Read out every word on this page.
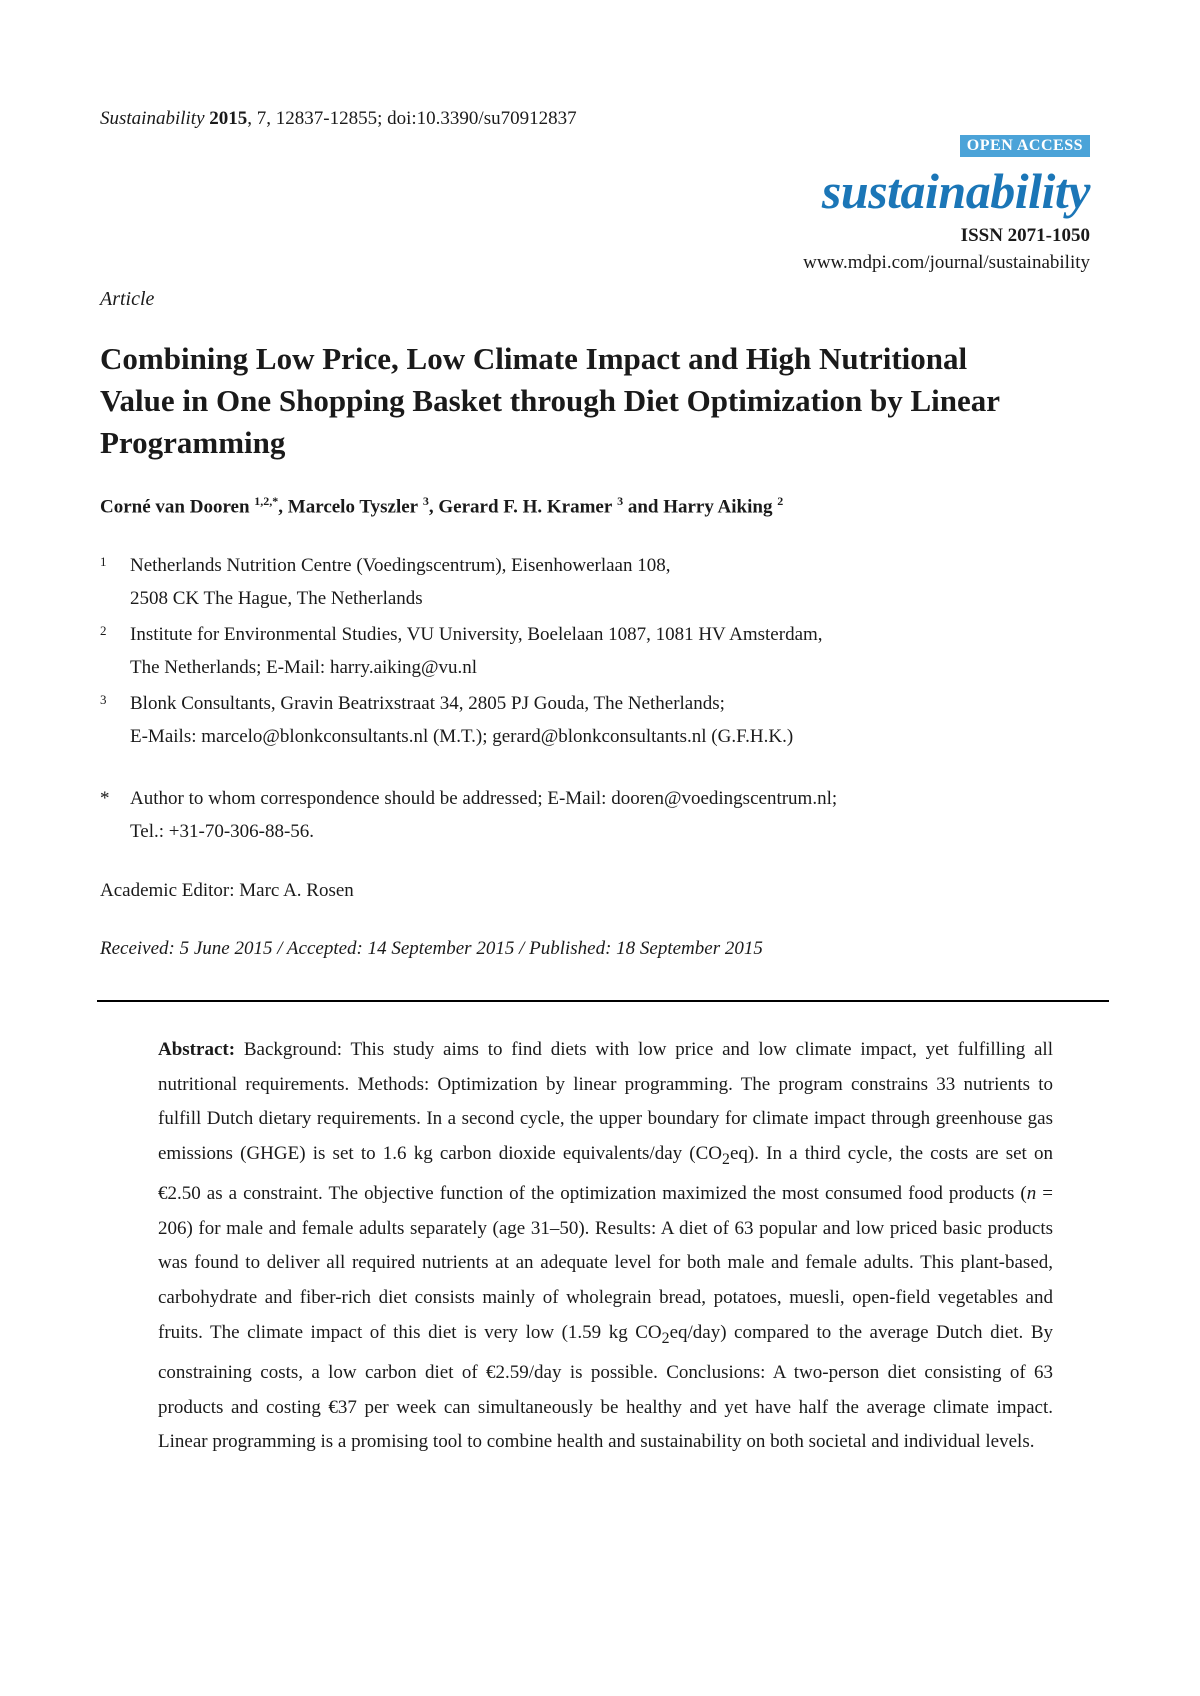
Sustainability 2015, 7, 12837-12855; doi:10.3390/su70912837
OPEN ACCESS
sustainability
ISSN 2071-1050
www.mdpi.com/journal/sustainability
Article
Combining Low Price, Low Climate Impact and High Nutritional Value in One Shopping Basket through Diet Optimization by Linear Programming
Corné van Dooren $^{1,2,*}$, Marcelo Tyszler $^3$, Gerard F. H. Kramer $^3$ and Harry Aiking $^2$
1 Netherlands Nutrition Centre (Voedingscentrum), Eisenhowerlaan 108,
2508 CK The Hague, The Netherlands
2 Institute for Environmental Studies, VU University, Boelelaan 1087, 1081 HV Amsterdam,
The Netherlands; E-Mail: harry.aiking@vu.nl
3 Blonk Consultants, Gravin Beatrixstraat 34, 2805 PJ Gouda, The Netherlands;
E-Mails: marcelo@blonkconsultants.nl (M.T.); gerard@blonkconsultants.nl (G.F.H.K.)
* Author to whom correspondence should be addressed; E-Mail: dooren@voedingscentrum.nl;
Tel.: +31-70-306-88-56.
Academic Editor: Marc A. Rosen
Received: 5 June 2015 / Accepted: 14 September 2015 / Published: 18 September 2015
Abstract: Background: This study aims to find diets with low price and low climate impact, yet fulfilling all nutritional requirements. Methods: Optimization by linear programming. The program constrains 33 nutrients to fulfill Dutch dietary requirements. In a second cycle, the upper boundary for climate impact through greenhouse gas emissions (GHGE) is set to 1.6 kg carbon dioxide equivalents/day $(CO_2eq)$. In a third cycle, the costs are set on €2.50 as a constraint. The objective function of the optimization maximized the most consumed food products (n = 206) for male and female adults separately (age 31–50). Results: A diet of 63 popular and low priced basic products was found to deliver all required nutrients at an adequate level for both male and female adults. This plant-based, carbohydrate and fiber-rich diet consists mainly of wholegrain bread, potatoes, muesli, open-field vegetables and fruits. The climate impact of this diet is very low (1.59 kg $CO_2eq/day$) compared to the average Dutch diet. By constraining costs, a low carbon diet of €2.59/day is possible. Conclusions: A two-person diet consisting of 63 products and costing €37 per week can simultaneously be healthy and yet have half the average climate impact. Linear programming is a promising tool to combine health and sustainability on both societal and individual levels.
